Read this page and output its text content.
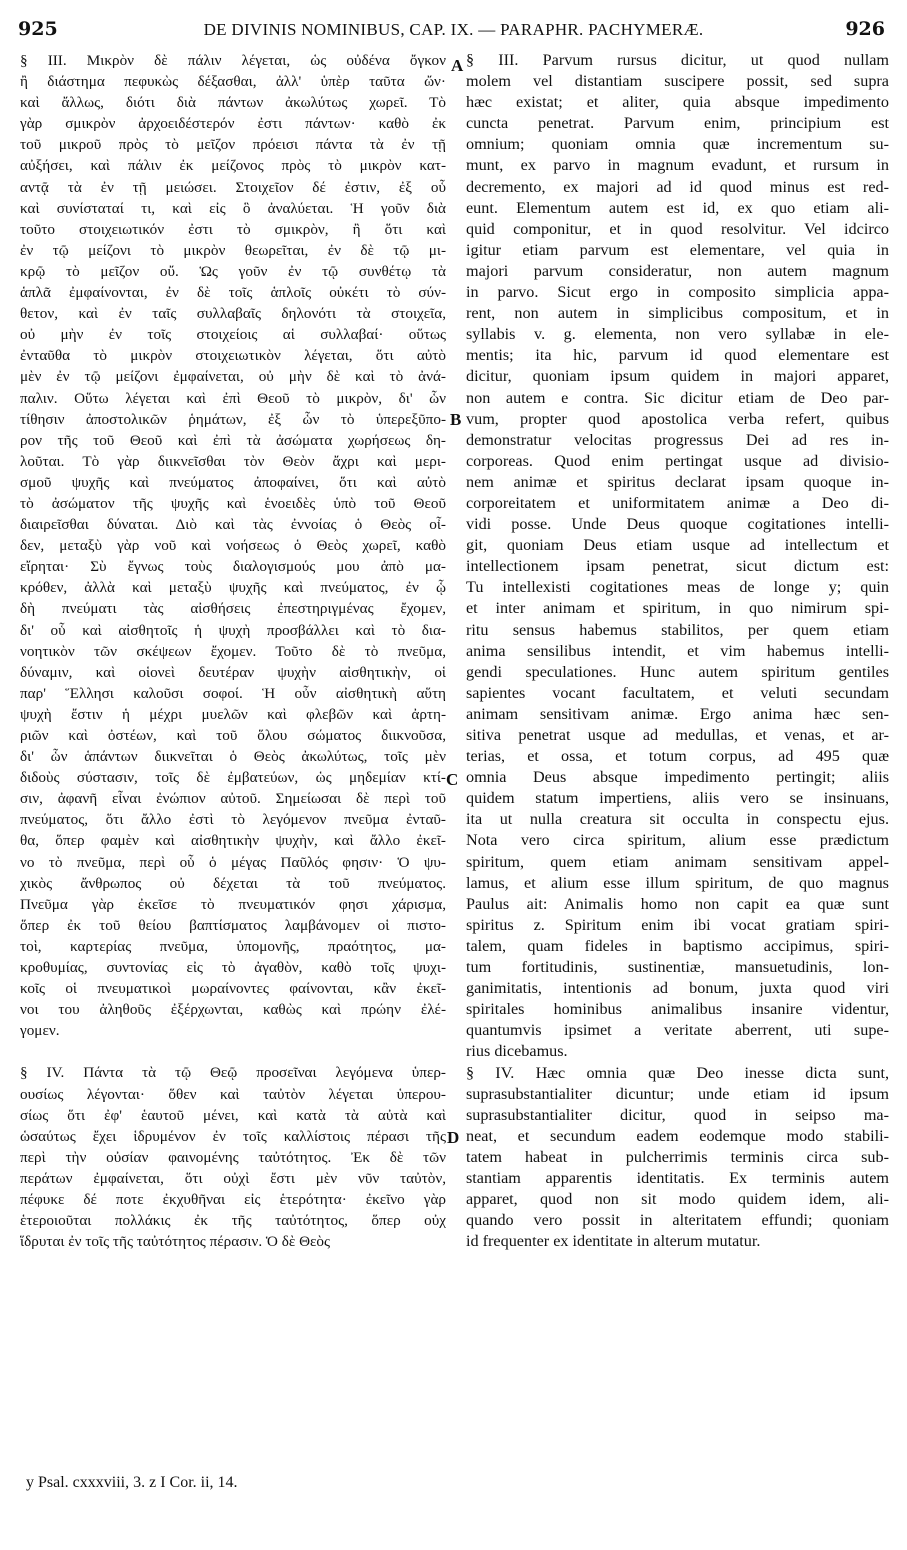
925	DE DIVINIS NOMINIBUS, CAP. IX. — PARAPHR. PACHYMERÆ.	926
§ III. Μικρὸν δὲ πάλιν λέγεται, ὡς οὐδένα ὄγκον
ἢ διάστημα πεφυκὼς δέξασθαι, ἀλλ' ὑπὲρ ταῦτα ὤν·
καὶ ἄλλως, διότι διὰ πάντων ἀκωλύτως χωρεῖ. Τὸ
γὰρ σμικρὸν ἀρχοειδέστερόν ἐστι πάντων· καθὸ ἐκ
τοῦ μικροῦ πρὸς τὸ μεῖζον πρόεισι πάντα τὰ ἐν τῇ
αὐξήσει, καὶ πάλιν ἐκ μείζονος πρὸς τὸ μικρὸν κατ-
αντᾷ τὰ ἐν τῇ μειώσει. Στοιχεῖον δέ ἐστιν, ἐξ οὗ
καὶ συνίσταταί τι, καὶ εἰς ὃ ἀναλύεται. Ἡ γοῦν διὰ
τοῦτο στοιχειωτικόν ἐστι τὸ σμικρὸν, ἢ ὅτι καὶ
ἐν τῷ μείζονι τὸ μικρὸν θεωρεῖται, ἐν δὲ τῷ μι-
κρῷ τὸ μεῖζον οὔ. Ὡς γοῦν ἐν τῷ συνθέτῳ τὰ
ἁπλᾶ ἐμφαίνονται, ἐν δὲ τοῖς ἁπλοῖς οὐκέτι τὸ σύν-
θετον, καὶ ἐν ταῖς συλλαβαῖς δηλονότι τὰ στοιχεῖα,
οὐ μὴν ἐν τοῖς στοιχείοις αἱ συλλαβαί· οὕτως
ἐνταῦθα τὸ μικρὸν στοιχειωτικὸν λέγεται, ὅτι αὐτὸ
μὲν ἐν τῷ μείζονι ἐμφαίνεται, οὐ μὴν δὲ καὶ τὸ ἀνά-
παλιν. Οὕτω λέγεται καὶ ἐπὶ Θεοῦ τὸ μικρὸν, δι' ὧν
τίθησιν ἀποστολικῶν ῥημάτων, ἐξ ὧν τὸ ὑπερεξῦπο-
ρον τῆς τοῦ Θεοῦ καὶ ἐπὶ τὰ ἀσώματα χωρήσεως δη-
λοῦται. Τὸ γὰρ διικνεῖσθαι τὸν Θεὸν ἄχρι καὶ μερι-
σμοῦ ψυχῆς καὶ πνεύματος ἀποφαίνει, ὅτι καὶ αὐτὸ
τὸ ἀσώματον τῆς ψυχῆς καὶ ἑνοειδὲς ὑπὸ τοῦ Θεοῦ
διαιρεῖσθαι δύναται. Διὸ καὶ τὰς ἐννοίας ὁ Θεὸς οἶ-
δεν, μεταξὺ γὰρ νοῦ καὶ νοήσεως ὁ Θεὸς χωρεῖ, καθὸ
εἴρηται· Σὺ ἔγνως τοὺς διαλογισμούς μου ἀπὸ μα-
κρόθεν, ἀλλὰ καὶ μεταξὺ ψυχῆς καὶ πνεύματος, ἐν ᾧ
δὴ πνεύματι τὰς αἰσθήσεις ἐπεστηριγμένας ἔχομεν,
δι' οὗ καὶ αἰσθητοῖς ἡ ψυχὴ προσβάλλει καὶ τὸ δια-
νοητικὸν τῶν σκέψεων ἔχομεν. Τοῦτο δὲ τὸ πνεῦμα,
δύναμιν, καὶ οἱονεὶ δευτέραν ψυχὴν αἰσθητικὴν, οἱ
παρ' Ἕλλησι καλοῦσι σοφοί. Ἡ οὖν αἰσθητικὴ αὕτη
ψυχὴ ἔστιν ἡ μέχρι μυελῶν καὶ φλεβῶν καὶ ἀρτη-
ριῶν καὶ ὀστέων, καὶ τοῦ ὅλου σώματος διικνοῦσα,
δι' ὧν ἁπάντων διικνεῖται ὁ Θεὸς ἀκωλύτως, τοῖς μὲν
διδοὺς σύστασιν, τοῖς δὲ ἐμβατεύων, ὡς μηδεμίαν κτί-
σιν, ἀφανῆ εἶναι ἐνώπιον αὐτοῦ. Σημείωσαι δὲ περὶ τοῦ
πνεύματος, ὅτι ἄλλο ἐστὶ τὸ λεγόμενον πνεῦμα ἐνταῦ-
θα, ὅπερ φαμὲν καὶ αἰσθητικὴν ψυχὴν, καὶ ἄλλο ἐκεῖ-
νο τὸ πνεῦμα, περὶ οὗ ὁ μέγας Παῦλός φησιν· Ὁ ψυ-
χικὸς ἄνθρωπος οὐ δέχεται τὰ τοῦ πνεύματος.
Πνεῦμα γὰρ ἐκεῖσε τὸ πνευματικόν φησι χάρισμα,
ὅπερ ἐκ τοῦ θείου βαπτίσματος λαμβάνομεν οἱ πιστο-
τοὶ, καρτερίας πνεῦμα, ὑπομονῆς, πραότητος, μα-
κροθυμίας, συντονίας εἰς τὸ ἀγαθὸν, καθὸ τοῖς ψυχι-
κοῖς οἱ πνευματικοὶ μωραίνοντες φαίνονται, κἂν ἐκεῖ-
νοι του ἀληθοῦς ἐξέρχωνται, καθὼς καὶ πρώην ἐλέ-
γομεν.
§ IV. Πάντα τὰ τῷ Θεῷ προσεῖναι λεγόμενα ὑπερ-
ουσίως λέγονται· ὅθεν καὶ ταὐτὸν λέγεται ὑπερου-
σίως ὅτι ἐφ' ἑαυτοῦ μένει, καὶ κατὰ τὰ αὐτὰ καὶ
ὡσαύτως ἔχει ἱδρυμένον ἐν τοῖς καλλίστοις πέρασι τῆς
περὶ τὴν οὐσίαν φαινομένης ταὐτότητος. Ἐκ δὲ τῶν
περάτων ἐμφαίνεται, ὅτι οὐχὶ ἔστι μὲν νῦν ταὐτὸν,
πέφυκε δέ ποτε ἐκχυθῆναι εἰς ἑτερότητα· ἐκεῖνο γὰρ
ἑτεροιοῦται πολλάκις ἐκ τῆς ταὐτότητος, ὅπερ οὐχ
ἵδρυται ἐν τοῖς τῆς ταὐτότητος πέρασιν. Ὁ δὲ Θεὸς
§ III. Parvum rursus dicitur, ut quod nullam
molem vel distantiam suscipere possit, sed supra
hæc existat; et aliter, quia absque impedimento
cuncta penetrat. Parvum enim, principium est
omnium; quoniam omnia quæ incrementum su-
munt, ex parvo in magnum evadunt, et rursum in
decremento, ex majori ad id quod minus est red-
eunt. Elementum autem est id, ex quo etiam ali-
quid componitur, et in quod resolvitur. Vel idcirco
igitur etiam parvum est elementare, vel quia in
majori parvum consideratur, non autem magnum
in parvo. Sicut ergo in composito simplicia appa-
rent, non autem in simplicibus compositum, et in
syllabis v. g. elementa, non vero syllabæ in ele-
mentis; ita hic, parvum id quod elementare est
dicitur, quoniam ipsum quidem in majori apparet,
non autem e contra. Sic dicitur etiam de Deo par-
vum, propter quod apostolica verba refert, quibus
demonstratur velocitas progressus Dei ad res in-
corporeas. Quod enim pertingat usque ad divisio-
nem animæ et spiritus declarat ipsam quoque in-
corporeitatem et uniformitatem animæ a Deo di-
vidi posse. Unde Deus quoque cogitationes intelli-
git, quoniam Deus etiam usque ad intellectum et
intellectionem ipsam penetrat, sicut dictum est:
Tu intellexisti cogitationes meas de longe y; quin
et inter animam et spiritum, in quo nimirum spi-
ritu sensus habemus stabilitos, per quem etiam
anima sensilibus intendit, et vim habemus intelli-
gendi speculationes. Hunc autem spiritum gentiles
sapientes vocant facultatem, et veluti secundam
animam sensitivam animæ. Ergo anima hæc sen-
sitiva penetrat usque ad medullas, et venas, et ar-
terias, et ossa, et totum corpus, ad 495 quæ
omnia Deus absque impedimento pertingit; aliis
quidem statum impertiens, aliis vero se insinuans,
ita ut nulla creatura sit occulta in conspectu ejus.
Nota vero circa spiritum, alium esse prædictum
spiritum, quem etiam animam sensitivam appel-
lamus, et alium esse illum spiritum, de quo magnus
Paulus ait: Animalis homo non capit ea quæ sunt
spiritus z. Spiritum enim ibi vocat gratiam spiri-
talem, quam fideles in baptismo accipimus, spiri-
tum fortitudinis, sustinentiæ, mansuetudinis, lon-
ganimitatis, intentionis ad bonum, juxta quod viri
spiritales hominibus animalibus insanire videntur,
quantumvis ipsimet a veritate aberrent, uti supe-
rius dicebamus.
§ IV. Hæc omnia quæ Deo inesse dicta sunt,
suprasubstantialiter dicuntur; unde etiam id ipsum
suprasubstantialiter dicitur, quod in seipso ma-
neat, et secundum eadem eodemque modo stabili-
tatem habeat in pulcherrimis terminis circa sub-
stantiam apparentis identitatis. Ex terminis autem
apparet, quod non sit modo quidem idem, ali-
quando vero possit in alteritatem effundi; quoniam
id frequenter ex identitate in alterum mutatur.
A
B
C
D
y Psal. cxxxviii, 3. z I Cor. ii, 14.
